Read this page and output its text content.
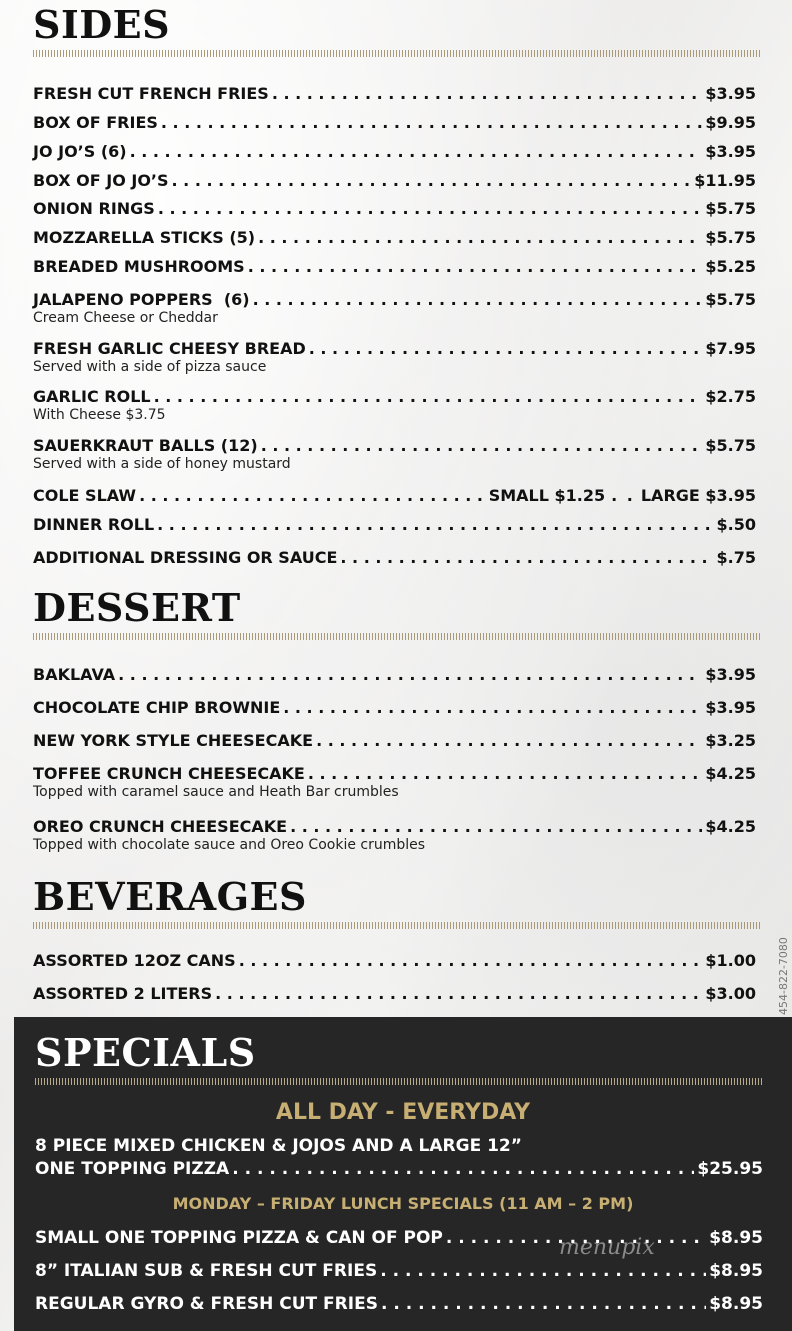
SIDES
FRESH CUT FRENCH FRIES . . .	$3.95
BOX OF FRIES . . .	$9.95
JO JO’S (6) . . .	$3.95
BOX OF JO JO’S . . .	$11.95
ONION RINGS . . .	$5.75
MOZZARELLA STICKS (5) . . .	$5.75
BREADED MUSHROOMS . . .	$5.25
JALAPENO POPPERS  (6) . . .	$5.75
Cream Cheese or Cheddar
FRESH GARLIC CHEESY BREAD . . .	$7.95
Served with a side of pizza sauce
GARLIC ROLL . . .	$2.75
With Cheese $3.75
SAUERKRAUT BALLS (12) . . .	$5.75
Served with a side of honey mustard
COLE SLAW . . .	SMALL $1.25 . . LARGE $3.95
DINNER ROLL . . .	$.50
ADDITIONAL DRESSING OR SAUCE . . .	$.75
DESSERT
BAKLAVA . . .	$3.95
CHOCOLATE CHIP BROWNIE . . .	$3.95
NEW YORK STYLE CHEESECAKE . . .	$3.25
TOFFEE CRUNCH CHEESECAKE . . .	$4.25
Topped with caramel sauce and Heath Bar crumbles
OREO CRUNCH CHEESECAKE . . .	$4.25
Topped with chocolate sauce and Oreo Cookie crumbles
BEVERAGES
ASSORTED 12OZ CANS . . .	$1.00
ASSORTED 2 LITERS . . .	$3.00 454-822-7080
SPECIALS
ALL DAY - EVERYDAY
8 PIECE MIXED CHICKEN & JOJOS AND A LARGE 12”
ONE TOPPING PIZZA . . .	$25.95
MONDAY – FRIDAY LUNCH SPECIALS (11 AM – 2 PM)
SMALL ONE TOPPING PIZZA & CAN OF POP . . .	$8.95
8” ITALIAN SUB & FRESH CUT FRIES . . .	$8.95
REGULAR GYRO & FRESH CUT FRIES . . .	$8.95
menupix
